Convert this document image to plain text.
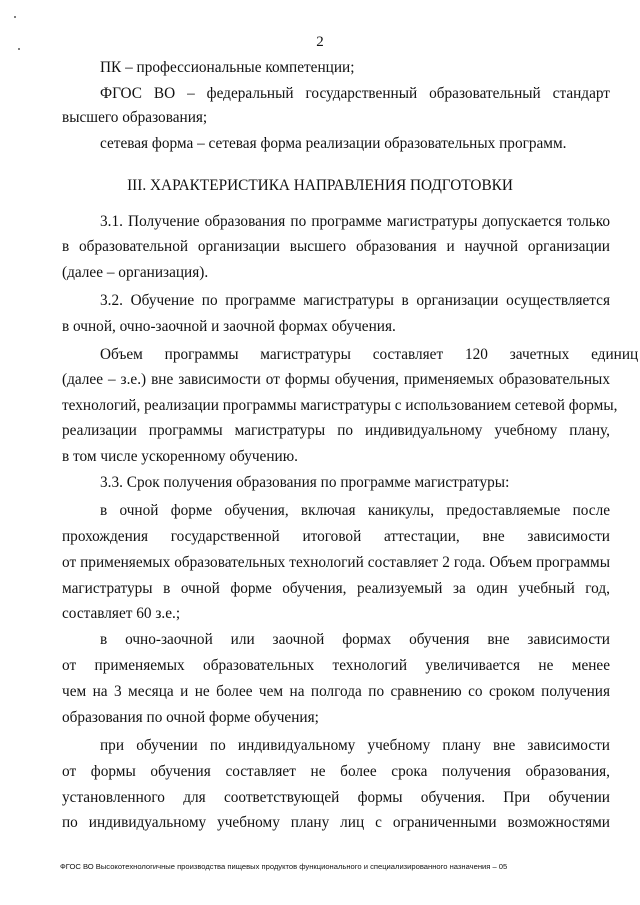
2
ПК – профессиональные компетенции;
ФГОС   ВО   –   федеральный   государственный   образовательный   стандарт
высшего образования;
сетевая форма – сетевая форма реализации образовательных программ.
III. ХАРАКТЕРИСТИКА НАПРАВЛЕНИЯ ПОДГОТОВКИ
3.1. Получение образования по программе магистратуры допускается только
в образовательной организации высшего образования и научной организации
(далее – организация).
3.2. Обучение по программе магистратуры в организации осуществляется
в очной, очно-заочной и заочной формах обучения.
Объем программы магистратуры составляет 120 зачетных единиц
(далее – з.е.) вне зависимости от формы обучения, применяемых образовательных
технологий, реализации программы магистратуры с использованием сетевой формы,
реализации программы магистратуры по индивидуальному учебному плану,
в том числе ускоренному обучению.
3.3. Срок получения образования по программе магистратуры:
в очной форме обучения, включая каникулы, предоставляемые после
прохождения государственной итоговой аттестации, вне зависимости
от применяемых образовательных технологий составляет 2 года. Объем программы
магистратуры в очной форме обучения, реализуемый за один учебный год,
составляет 60 з.е.;
в очно-заочной или заочной формах обучения вне зависимости
от применяемых образовательных технологий увеличивается не менее
чем на 3 месяца и не более чем на полгода по сравнению со сроком получения
образования по очной форме обучения;
при обучении по индивидуальному учебному плану вне зависимости
от формы обучения составляет не более срока получения образования,
установленного для соответствующей формы обучения. При обучении
по индивидуальному учебному плану лиц с ограниченными возможностями
ФГОС ВО Высокотехнологичные производства пищевых продуктов функционального и специализированного назначения – 05
